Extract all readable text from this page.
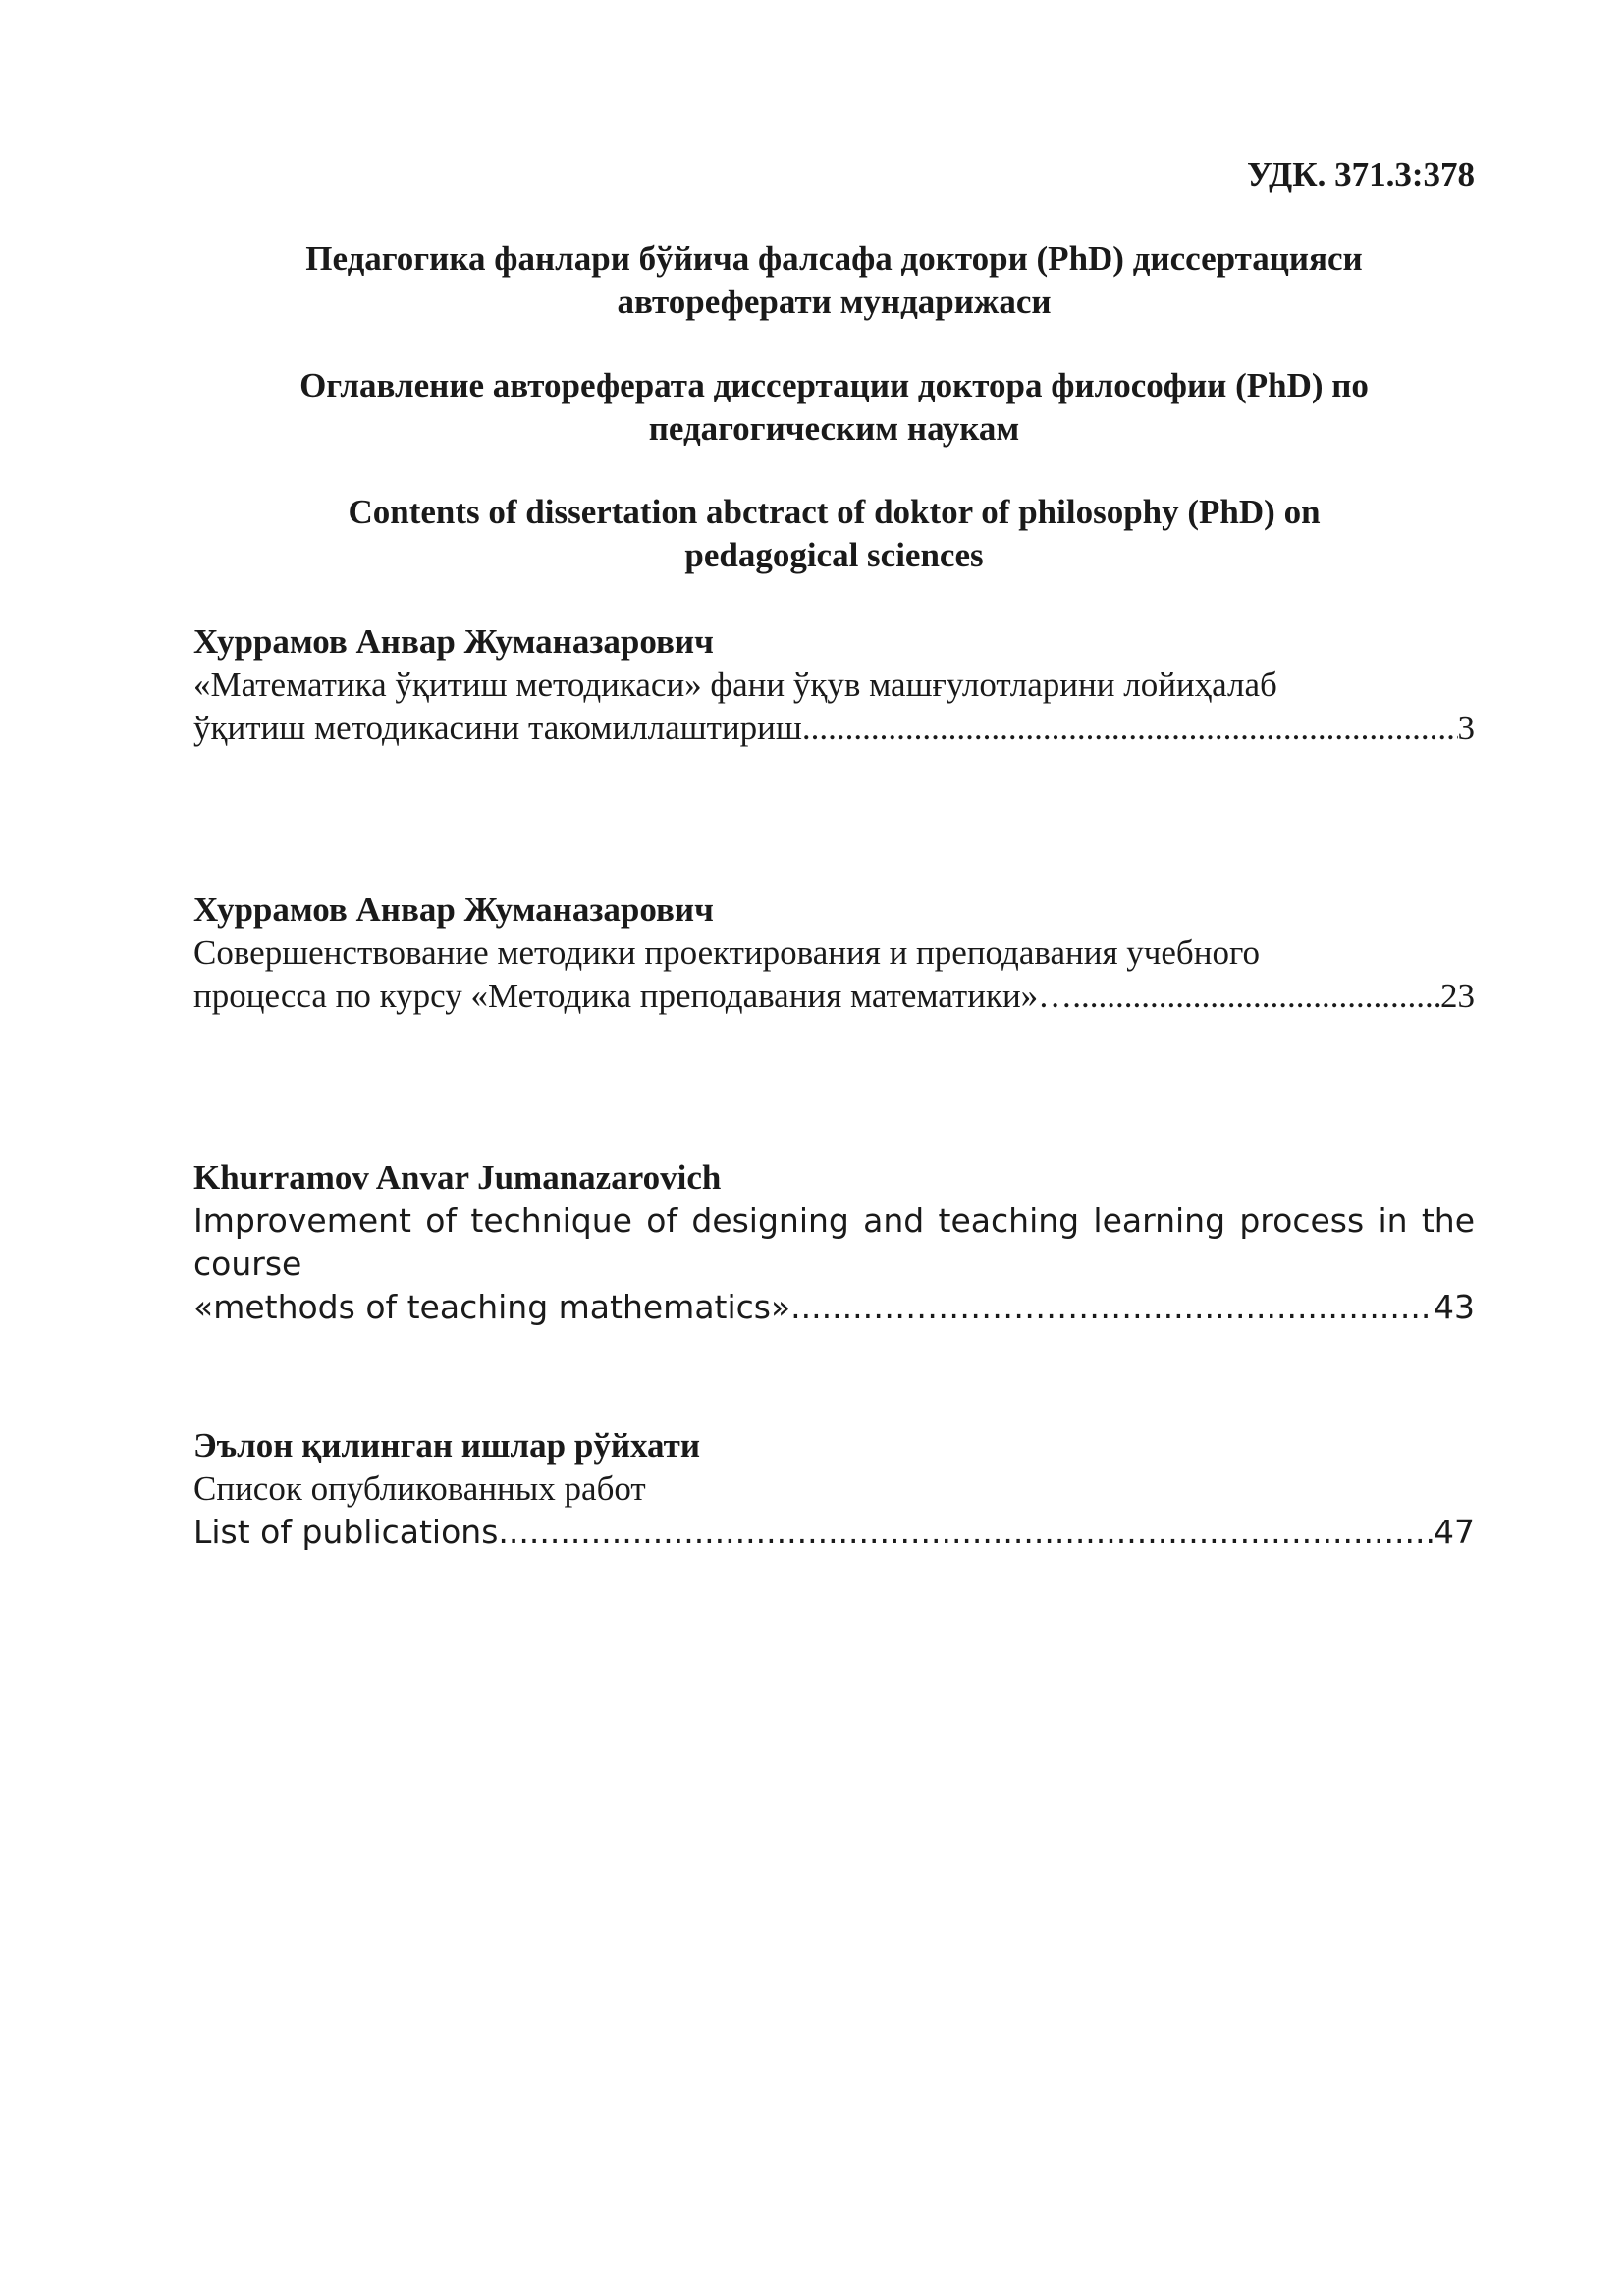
УДК. 371.3:378

Педагогика фанлари бўйича фалсафа доктори (PhD) диссертацияси
автореферати мундарижаси
Оглавление автореферата диссертации доктора философии (PhD) по
педагогическим наукам
Contents of dissertation abctract of doktor of philosophy (PhD) on
pedagogical sciences
Хуррамов Анвар Жуманазарович
«Математика ўқитиш методикаси» фани ўқув машғулотларини лойиҳалаб
ўқитиш методикасини такомиллаштириш .....	3
Хуррамов Анвар Жуманазарович
Совершенствование методики проектирования и преподавания учебного
процесса по курсу «Методика преподавания математики»… .....	23
Khurramov Anvar Jumanazarovich
Improvement of technique of designing and teaching learning process in the course
«methods of teaching mathematics»........…………………… .....	43
Эълон қилинган ишлар рўйхати
Список опубликованных работ
List of publications .....	47
